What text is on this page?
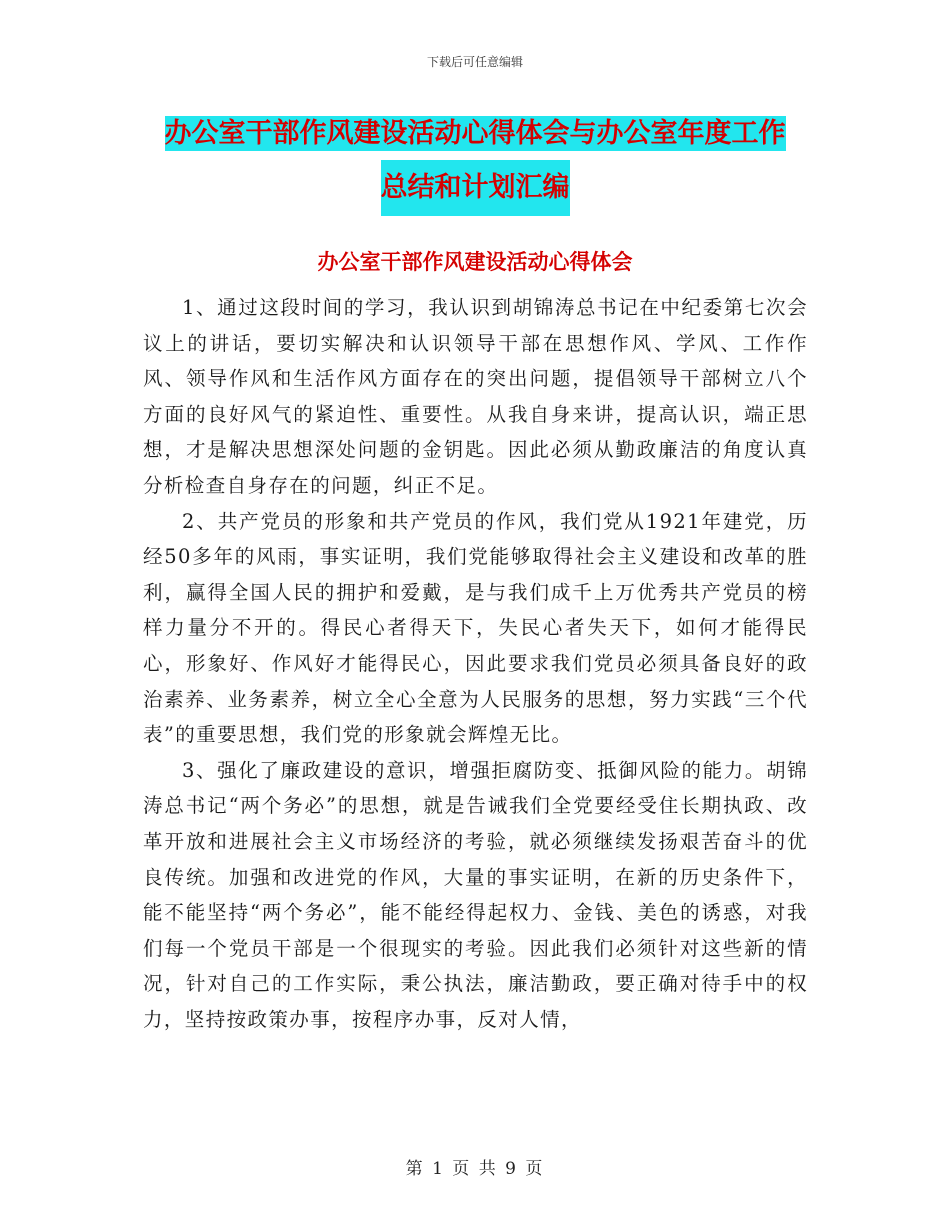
下载后可任意编辑
办公室干部作风建设活动心得体会与办公室年度工作
总结和计划汇编
办公室干部作风建设活动心得体会

1、通过这段时间的学习，我认识到胡锦涛总书记在中纪委第七次会议上的讲话，要切实解决和认识领导干部在思想作风、学风、工作作风、领导作风和生活作风方面存在的突出问题，提倡领导干部树立八个方面的良好风气的紧迫性、重要性。从我自身来讲，提高认识，端正思想，才是解决思想深处问题的金钥匙。因此必须从勤政廉洁的角度认真分析检查自身存在的问题，纠正不足。

2、共产党员的形象和共产党员的作风，我们党从1921年建党，历经50多年的风雨，事实证明，我们党能够取得社会主义建设和改革的胜利，赢得全国人民的拥护和爱戴，是与我们成千上万优秀共产党员的榜样力量分不开的。得民心者得天下，失民心者失天下，如何才能得民心，形象好、作风好才能得民心，因此要求我们党员必须具备良好的政治素养、业务素养，树立全心全意为人民服务的思想，努力实践“三个代表”的重要思想，我们党的形象就会辉煌无比。

3、强化了廉政建设的意识，增强拒腐防变、抵御风险的能力。胡锦涛总书记“两个务必”的思想，就是告诫我们全党要经受住长期执政、改革开放和进展社会主义市场经济的考验，就必须继续发扬艰苦奋斗的优良传统。加强和改进党的作风，大量的事实证明，在新的历史条件下，能不能坚持“两个务必”，能不能经得起权力、金钱、美色的诱惑，对我们每一个党员干部是一个很现实的考验。因此我们必须针对这些新的情况，针对自己的工作实际，秉公执法，廉洁勤政，要正确对待手中的权力，坚持按政策办事，按程序办事，反对人情，

第 1 页 共 9 页
